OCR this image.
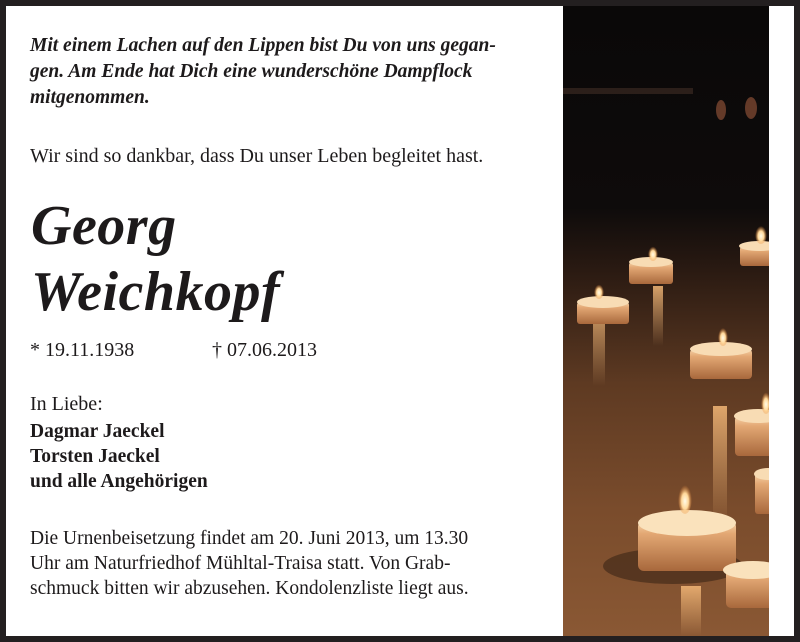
Mit einem Lachen auf den Lippen bist Du von uns gegan-
gen. Am Ende hat Dich eine wunderschöne Dampflock
mitgenommen.
Wir sind so dankbar, dass Du unser Leben begleitet hast.
Georg
Weichkopf
* 19.11.1938	† 07.06.2013
In Liebe:
Dagmar Jaeckel
Torsten Jaeckel
und alle Angehörigen
Die Urnenbeisetzung findet am 20. Juni 2013, um 13.30
Uhr am Naturfriedhof Mühltal-Traisa statt. Von Grab-
schmuck bitten wir abzusehen. Kondolenzliste liegt aus.
